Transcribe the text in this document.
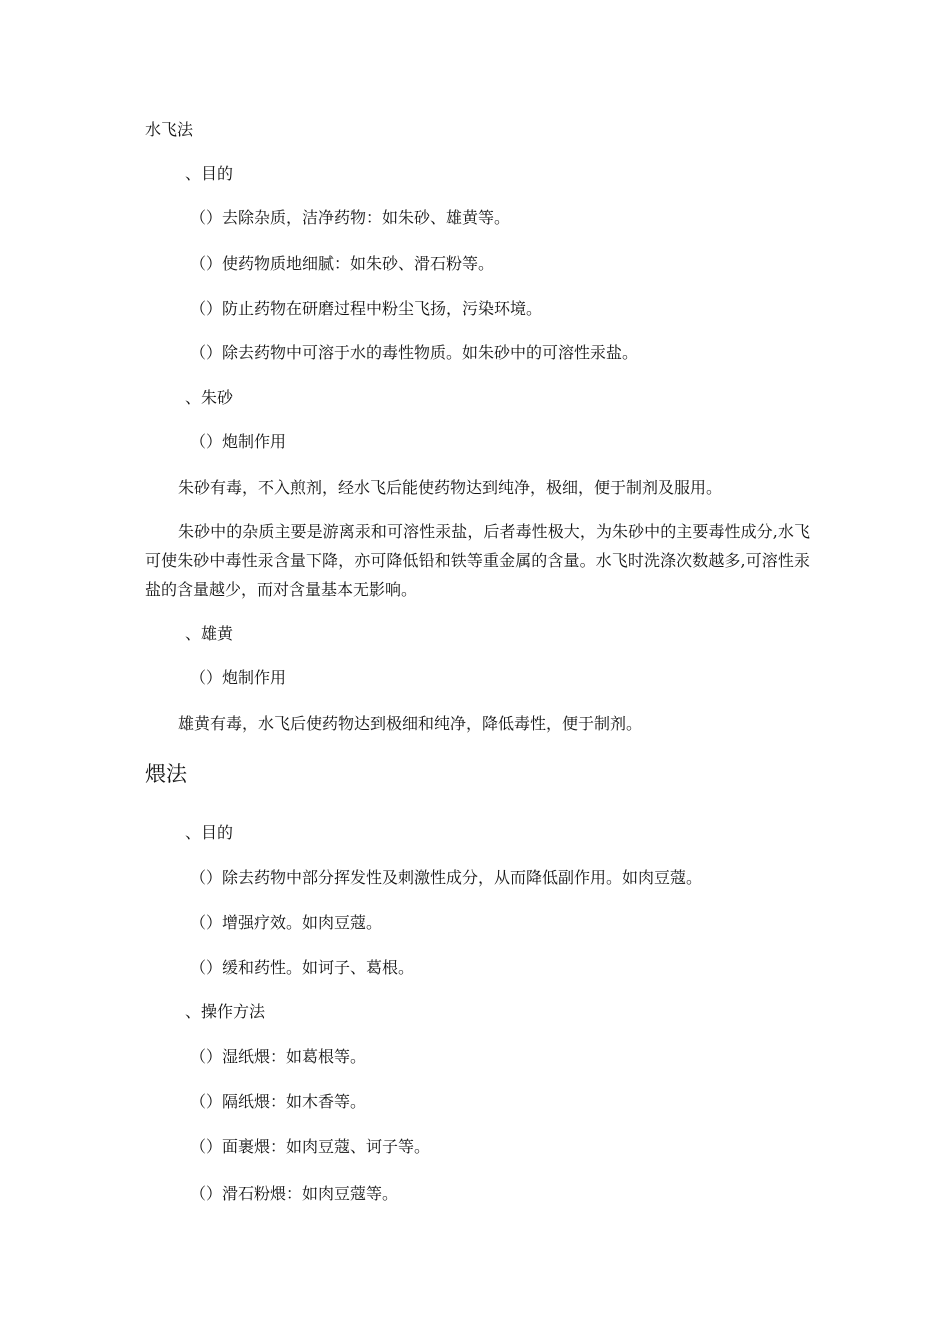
水飞法
、目的
（）去除杂质，洁净药物：如朱砂、雄黄等。
（）使药物质地细腻：如朱砂、滑石粉等。
（）防止药物在研磨过程中粉尘飞扬，污染环境。
（）除去药物中可溶于水的毒性物质。如朱砂中的可溶性汞盐。
、朱砂
（）炮制作用
朱砂有毒，不入煎剂，经水飞后能使药物达到纯净，极细，便于制剂及服用。
朱砂中的杂质主要是游离汞和可溶性汞盐，后者毒性极大，为朱砂中的主要毒性成分,水飞可使朱砂中毒性汞含量下降，亦可降低铅和铁等重金属的含量。水飞时洗涤次数越多,可溶性汞盐的含量越少，而对含量基本无影响。
、雄黄
（）炮制作用
雄黄有毒，水飞后使药物达到极细和纯净，降低毒性，便于制剂。
煨法
、目的
（）除去药物中部分挥发性及刺激性成分，从而降低副作用。如肉豆蔻。
（）增强疗效。如肉豆蔻。
（）缓和药性。如诃子、葛根。
、操作方法
（）湿纸煨：如葛根等。
（）隔纸煨：如木香等。
（）面裹煨：如肉豆蔻、诃子等。
（）滑石粉煨：如肉豆蔻等。
